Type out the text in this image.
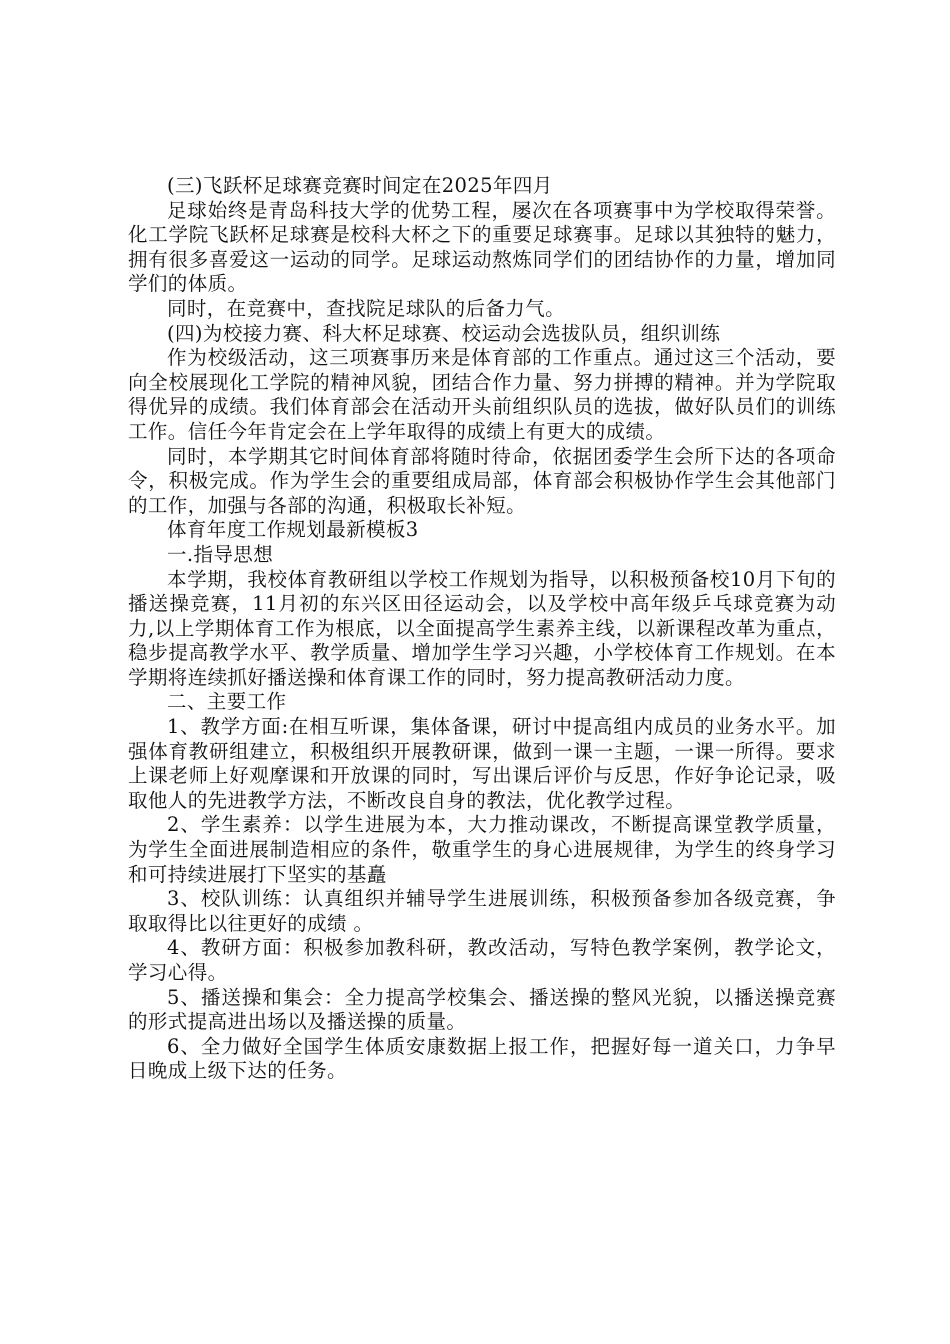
(三)飞跃杯足球赛竞赛时间定在2025年四月

足球始终是青岛科技大学的优势工程，屡次在各项赛事中为学校取得荣誉。化工学院飞跃杯足球赛是校科大杯之下的重要足球赛事。足球以其独特的魅力，拥有很多喜爱这一运动的同学。足球运动熬炼同学们的团结协作的力量，增加同学们的体质。

同时，在竞赛中，查找院足球队的后备力气。

(四)为校接力赛、科大杯足球赛、校运动会选拔队员，组织训练

作为校级活动，这三项赛事历来是体育部的工作重点。通过这三个活动，要向全校展现化工学院的精神风貌，团结合作力量、努力拼搏的精神。并为学院取得优异的成绩。我们体育部会在活动开头前组织队员的选拔，做好队员们的训练工作。信任今年肯定会在上学年取得的成绩上有更大的成绩。

同时，本学期其它时间体育部将随时待命，依据团委学生会所下达的各项命令，积极完成。作为学生会的重要组成局部，体育部会积极协作学生会其他部门的工作，加强与各部的沟通，积极取长补短。

体育年度工作规划最新模板3

一.指导思想

本学期，我校体育教研组以学校工作规划为指导，以积极预备校10月下旬的播送操竞赛，11月初的东兴区田径运动会，以及学校中高年级乒乓球竞赛为动力,以上学期体育工作为根底，以全面提高学生素养主线，以新课程改革为重点，稳步提高教学水平、教学质量、增加学生学习兴趣，小学校体育工作规划。在本学期将连续抓好播送操和体育课工作的同时，努力提高教研活动力度。

二、主要工作

1、教学方面:在相互听课，集体备课，研讨中提高组内成员的业务水平。加强体育教研组建立，积极组织开展教研课，做到一课一主题，一课一所得。要求上课老师上好观摩课和开放课的同时，写出课后评价与反思，作好争论记录，吸取他人的先进教学方法，不断改良自身的教法，优化教学过程。

2、学生素养：以学生进展为本，大力推动课改，不断提高课堂教学质量，为学生全面进展制造相应的条件，敬重学生的身心进展规律，为学生的终身学习和可持续进展打下坚实的基矗

3、校队训练：认真组织并辅导学生进展训练，积极预备参加各级竞赛，争取取得比以往更好的成绩 。

4、教研方面：积极参加教科研，教改活动，写特色教学案例，教学论文，学习心得。

5、播送操和集会：全力提高学校集会、播送操的整风光貌，以播送操竞赛的形式提高进出场以及播送操的质量。

6、全力做好全国学生体质安康数据上报工作，把握好每一道关口，力争早日晚成上级下达的任务。
